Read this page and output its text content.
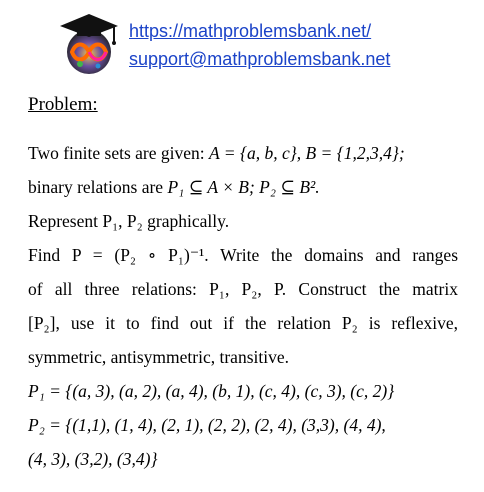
https://mathproblemsbank.net/
support@mathproblemsbank.net
Problem:
Two finite sets are given: A = {a, b, c}, B = {1,2,3,4};
binary relations are P₁ ⊆ A × B; P₂ ⊆ B².
Represent P₁, P₂ graphically.
Find P = (P₂ ∘ P₁)⁻¹. Write the domains and ranges
of all three relations: P₁, P₂, P. Construct the matrix
[P₂], use it to find out if the relation P₂ is reflexive,
symmetric, antisymmetric, transitive.
P₁ = {(a, 3), (a, 2), (a, 4), (b, 1), (c, 4), (c, 3), (c, 2)}
P₂ = {(1,1), (1, 4), (2, 1), (2, 2), (2, 4), (3,3), (4, 4),
(4, 3), (3,2), (3,4)}
